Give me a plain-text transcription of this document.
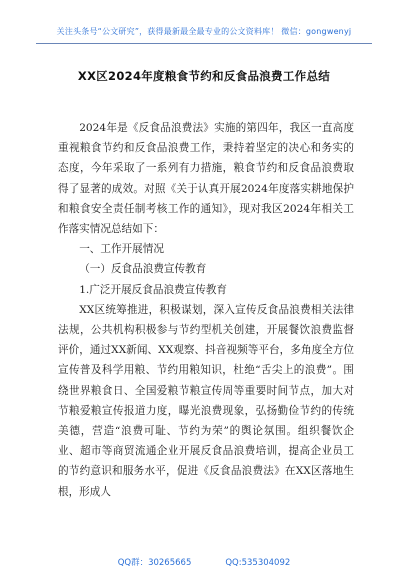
关注头条号“公文研究”，获得最新最全最专业的公文资料库！ 微信：gongwenyj
XX区2024年度粮食节约和反食品浪费工作总结

2024年是《反食品浪费法》实施的第四年，我区一直高度重视粮食节约和反食品浪费工作，秉持着坚定的决心和务实的态度，今年采取了一系列有力措施，粮食节约和反食品浪费取得了显著的成效。对照《关于认真开展2024年度落实耕地保护和粮食安全责任制考核工作的通知》，现对我区2024年相关工作落实情况总结如下：

一、工作开展情况

（一）反食品浪费宣传教育

1.广泛开展反食品浪费宣传教育

XX区统筹推进，积极谋划，深入宣传反食品浪费相关法律法规，公共机构积极参与节约型机关创建，开展餐饮浪费监督评价，通过XX新闻、XX观察、抖音视频等平台，多角度全方位宣传普及科学用粮、节约用粮知识，杜绝“舌尖上的浪费”。围绕世界粮食日、全国爱粮节粮宣传周等重要时间节点，加大对节粮爱粮宣传报道力度，曝光浪费现象，弘扬勤俭节约的传统美德，营造“浪费可耻、节约为荣”的舆论氛围。组织餐饮企业、超市等商贸流通企业开展反食品浪费培训，提高企业员工的节约意识和服务水平，促进《反食品浪费法》在XX区落地生根，形成人

QQ群：30265665	QQ:535304092
